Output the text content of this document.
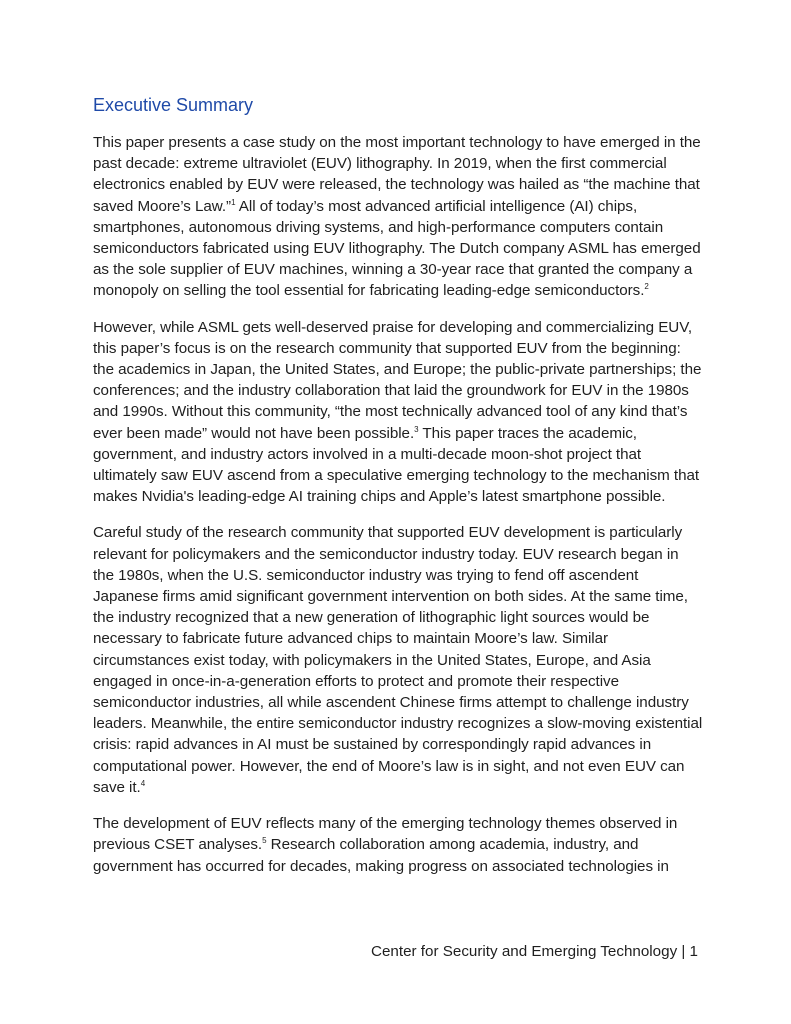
Executive Summary

This paper presents a case study on the most important technology to have emerged in the past decade: extreme ultraviolet (EUV) lithography. In 2019, when the first commercial electronics enabled by EUV were released, the technology was hailed as “the machine that saved Moore’s Law.”$^1$ All of today’s most advanced artificial intelligence (AI) chips, smartphones, autonomous driving systems, and high-performance computers contain semiconductors fabricated using EUV lithography. The Dutch company ASML has emerged as the sole supplier of EUV machines, winning a 30-year race that granted the company a monopoly on selling the tool essential for fabricating leading-edge semiconductors.$^2$

However, while ASML gets well-deserved praise for developing and commercializing EUV, this paper’s focus is on the research community that supported EUV from the beginning: the academics in Japan, the United States, and Europe; the public-private partnerships; the conferences; and the industry collaboration that laid the groundwork for EUV in the 1980s and 1990s. Without this community, “the most technically advanced tool of any kind that’s ever been made” would not have been possible.$^3$ This paper traces the academic, government, and industry actors involved in a multi-decade moon-shot project that ultimately saw EUV ascend from a speculative emerging technology to the mechanism that makes Nvidia's leading-edge AI training chips and Apple’s latest smartphone possible.

Careful study of the research community that supported EUV development is particularly relevant for policymakers and the semiconductor industry today. EUV research began in the 1980s, when the U.S. semiconductor industry was trying to fend off ascendent Japanese firms amid significant government intervention on both sides. At the same time, the industry recognized that a new generation of lithographic light sources would be necessary to fabricate future advanced chips to maintain Moore’s law. Similar circumstances exist today, with policymakers in the United States, Europe, and Asia engaged in once-in-a-generation efforts to protect and promote their respective semiconductor industries, all while ascendent Chinese firms attempt to challenge industry leaders. Meanwhile, the entire semiconductor industry recognizes a slow-moving existential crisis: rapid advances in AI must be sustained by correspondingly rapid advances in computational power. However, the end of Moore’s law is in sight, and not even EUV can save it.$^4$

The development of EUV reflects many of the emerging technology themes observed in previous CSET analyses.$^5$ Research collaboration among academia, industry, and government has occurred for decades, making progress on associated technologies in

Center for Security and Emerging Technology | 1
